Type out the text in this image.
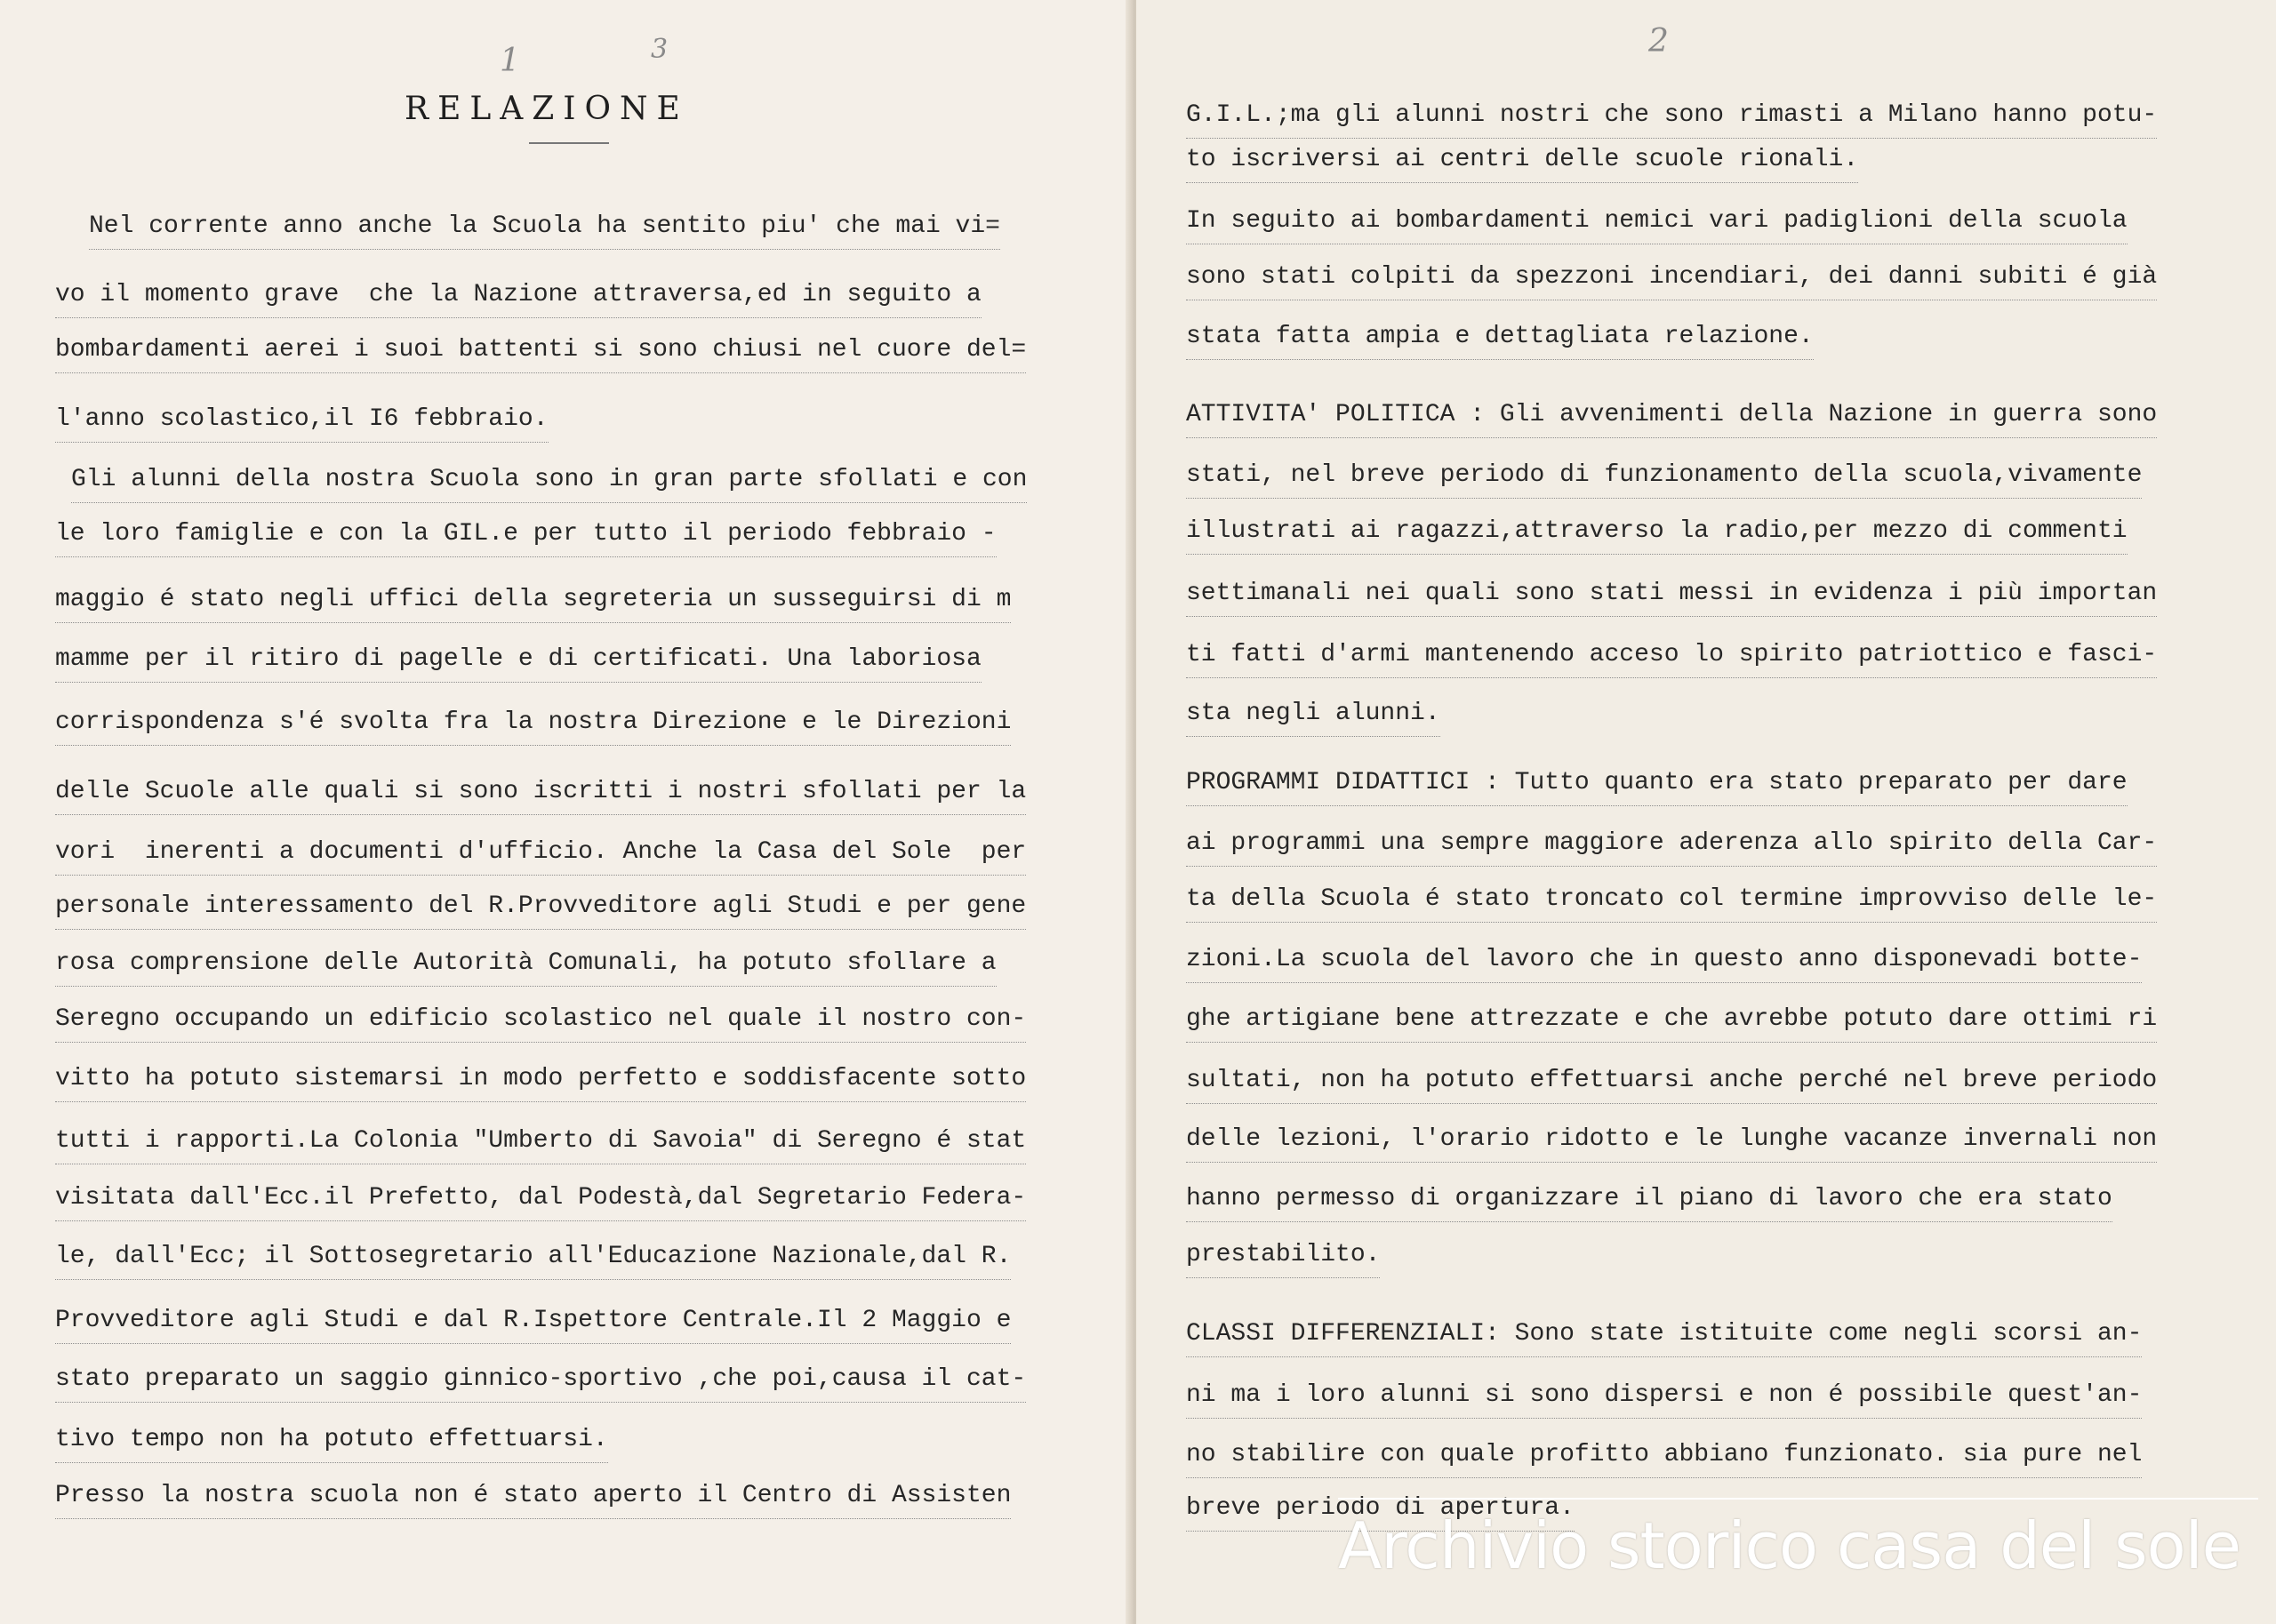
1	3
RELAZIONE
Nel corrente anno anche la Scuola ha sentito piu' che mai vi=
vo il momento grave  che la Nazione attraversa,ed in seguito a
bombardamenti aerei i suoi battenti si sono chiusi nel cuore del=
l'anno scolastico,il I6 febbraio.
Gli alunni della nostra Scuola sono in gran parte sfollati e con
le loro famiglie e con la GIL.e per tutto il periodo febbraio -
maggio é stato negli uffici della segreteria un susseguirsi di m
mamme per il ritiro di pagelle e di certificati. Una laboriosa
corrispondenza s'é svolta fra la nostra Direzione e le Direzioni
delle Scuole alle quali si sono iscritti i nostri sfollati per la
vori  inerenti a documenti d'ufficio. Anche la Casa del Sole  per
personale interessamento del R.Provveditore agli Studi e per gene
rosa comprensione delle Autorità Comunali, ha potuto sfollare a
Seregno occupando un edificio scolastico nel quale il nostro con-
vitto ha potuto sistemarsi in modo perfetto e soddisfacente sotto
tutti i rapporti.La Colonia "Umberto di Savoia" di Seregno é stat
visitata dall'Ecc.il Prefetto, dal Podestà,dal Segretario Federa-
le, dall'Ecc; il Sottosegretario all'Educazione Nazionale,dal R.
Provveditore agli Studi e dal R.Ispettore Centrale.Il 2 Maggio e
stato preparato un saggio ginnico-sportivo ,che poi,causa il cat-
tivo tempo non ha potuto effettuarsi.
Presso la nostra scuola non é stato aperto il Centro di Assisten
2
G.I.L.;ma gli alunni nostri che sono rimasti a Milano hanno potu-
to iscriversi ai centri delle scuole rionali.
In seguito ai bombardamenti nemici vari padiglioni della scuola
sono stati colpiti da spezzoni incendiari, dei danni subiti é già
stata fatta ampia e dettagliata relazione.
ATTIVITA' POLITICA : Gli avvenimenti della Nazione in guerra sono
stati, nel breve periodo di funzionamento della scuola,vivamente
illustrati ai ragazzi,attraverso la radio,per mezzo di commenti
settimanali nei quali sono stati messi in evidenza i più importan
ti fatti d'armi mantenendo acceso lo spirito patriottico e fasci-
sta negli alunni.
PROGRAMMI DIDATTICI : Tutto quanto era stato preparato per dare
ai programmi una sempre maggiore aderenza allo spirito della Car-
ta della Scuola é stato troncato col termine improvviso delle le-
zioni.La scuola del lavoro che in questo anno disponevadi botte-
ghe artigiane bene attrezzate e che avrebbe potuto dare ottimi ri
sultati, non ha potuto effettuarsi anche perché nel breve periodo
delle lezioni, l'orario ridotto e le lunghe vacanze invernali non
hanno permesso di organizzare il piano di lavoro che era stato
prestabilito.
CLASSI DIFFERENZIALI: Sono state istituite come negli scorsi an-
ni ma i loro alunni si sono dispersi e non é possibile quest'an-
no stabilire con quale profitto abbiano funzionato. sia pure nel
breve periodo di apertura.
Archivio storico casa del sole
